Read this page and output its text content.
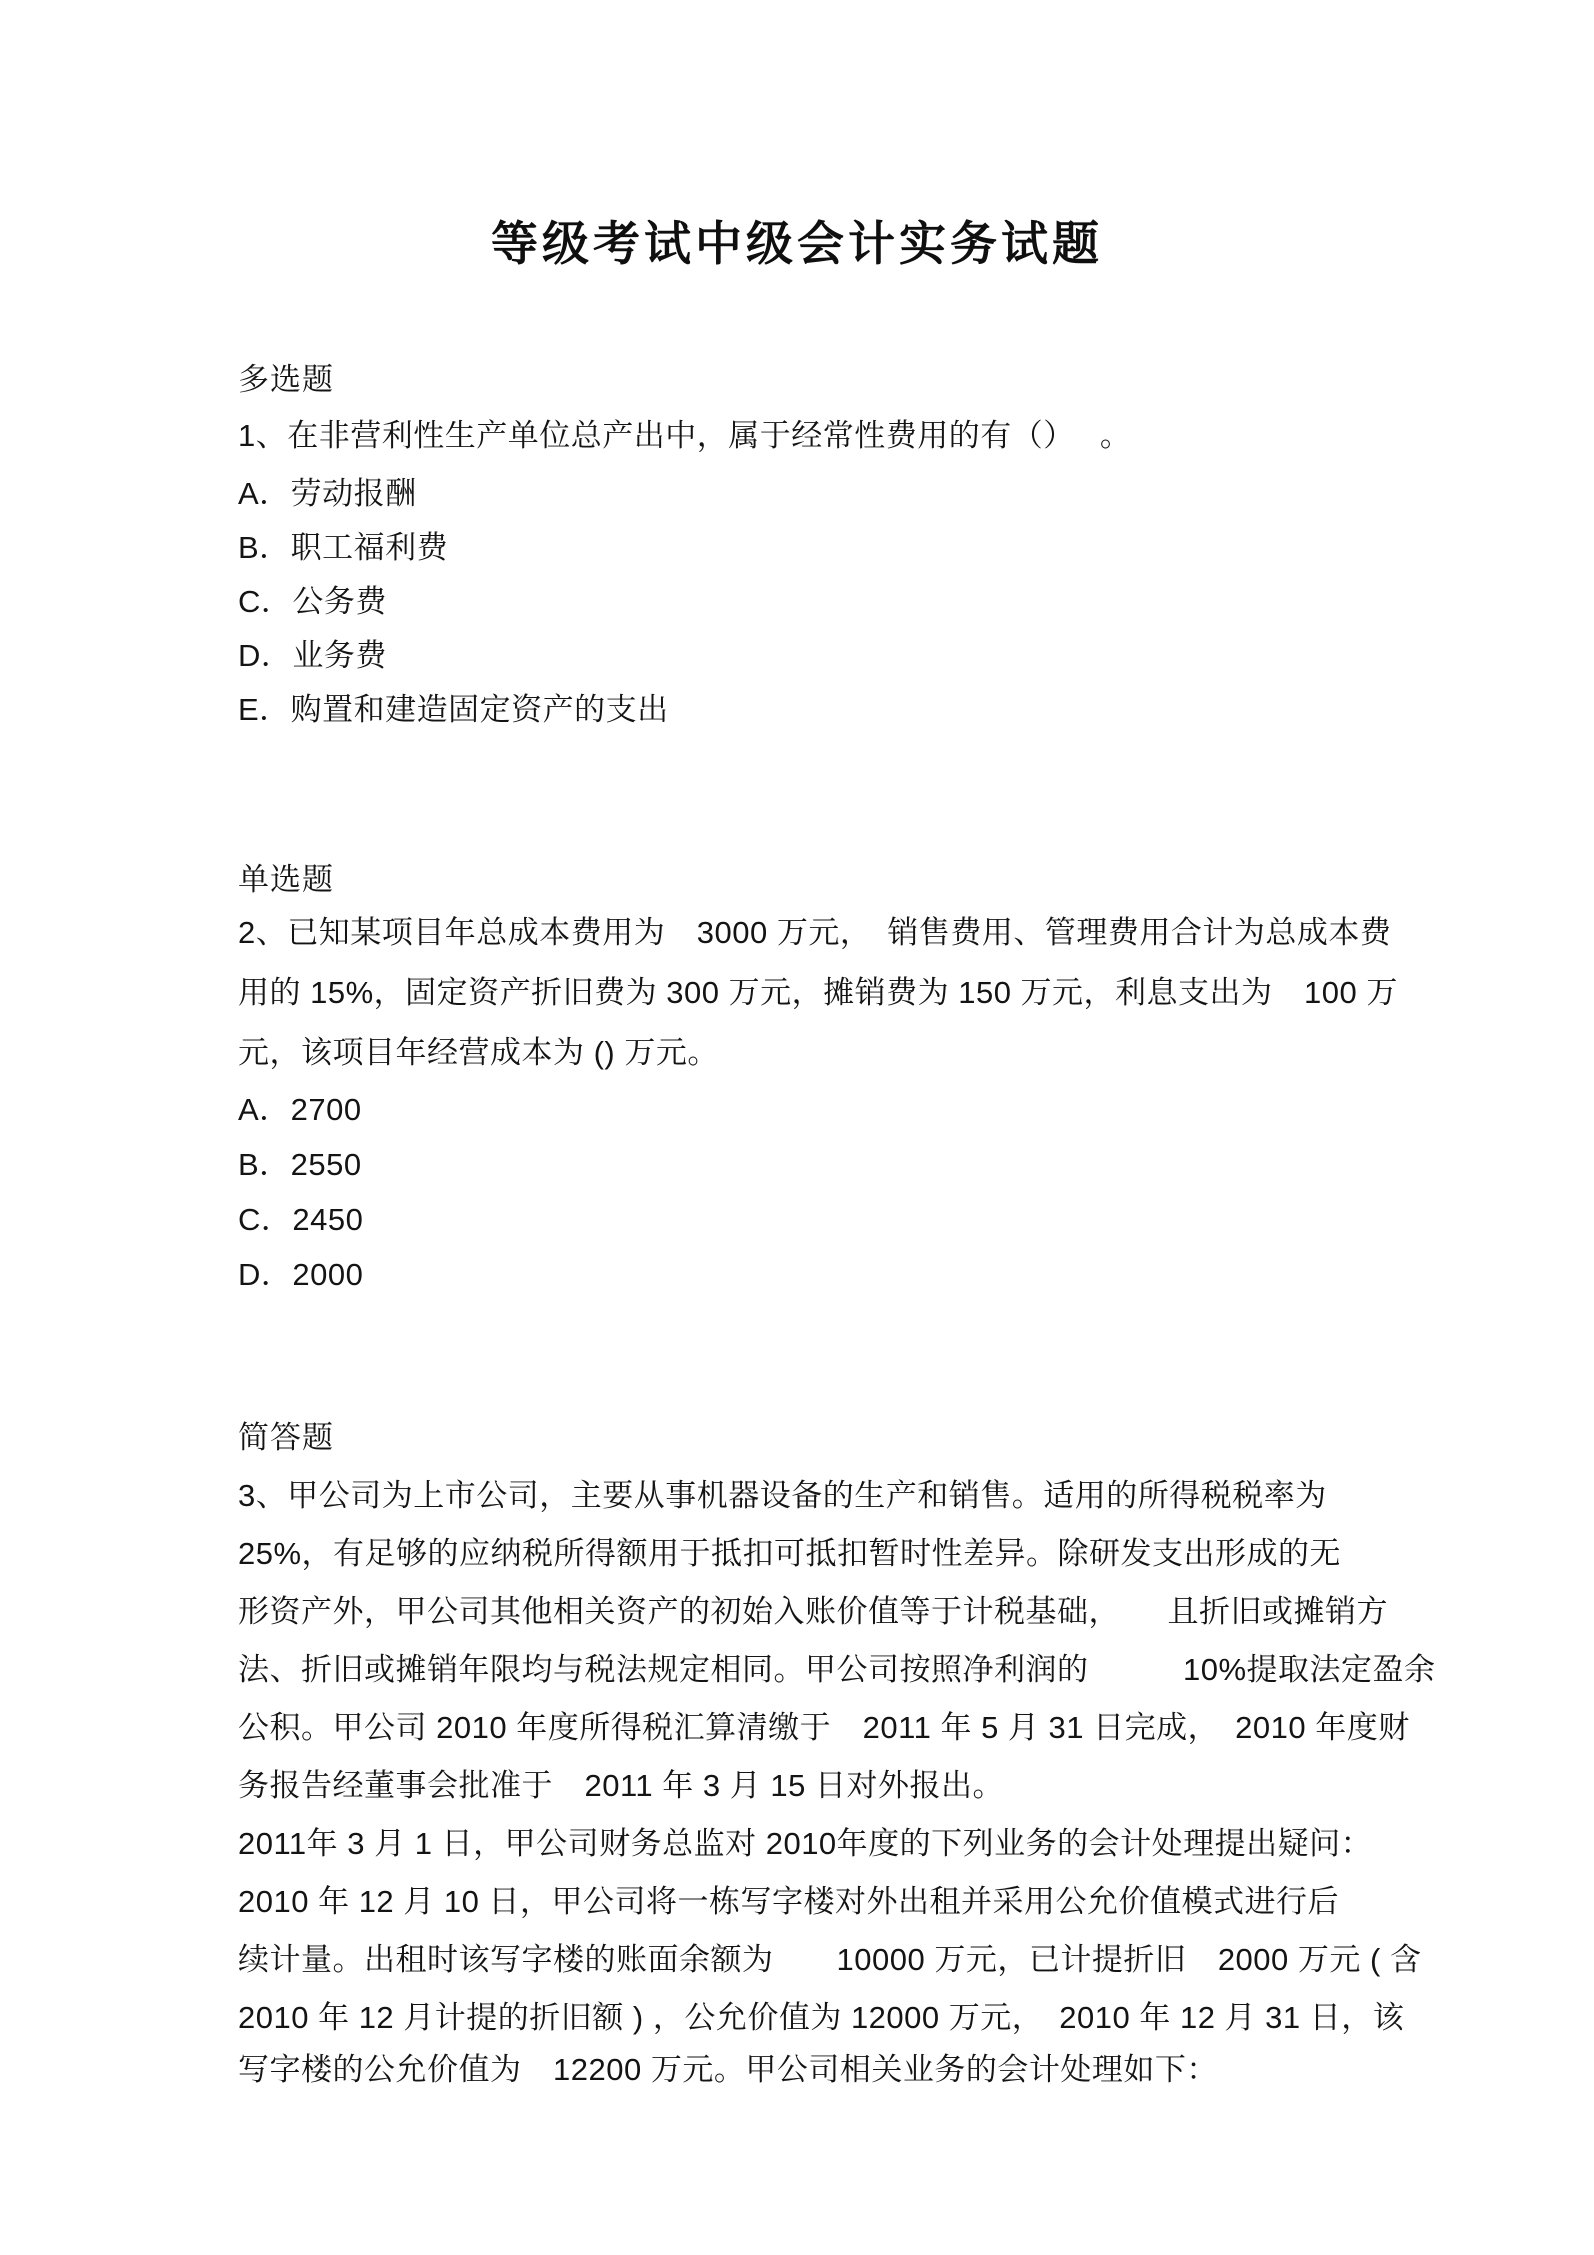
等级考试中级会计实务试题
多选题
1、在非营利性生产单位总产出中，属于经常性费用的有（）　 。
A．劳动报酬
B．职工福利费
C．公务费
D．业务费
E．购置和建造固定资产的支出
单选题
2、已知某项目年总成本费用为　3000 万元，　销售费用、管理费用合计为总成本费
用的 15%，固定资产折旧费为 300 万元，摊销费为 150 万元，利息支出为　100 万
元，该项目年经营成本为 () 万元。
A．2700
B．2550
C．2450
D．2000
简答题
3、甲公司为上市公司，主要从事机器设备的生产和销售。适用的所得税税率为
25%，有足够的应纳税所得额用于抵扣可抵扣暂时性差异。除研发支出形成的无
形资产外，甲公司其他相关资产的初始入账价值等于计税基础，　　且折旧或摊销方
法、折旧或摊销年限均与税法规定相同。甲公司按照净利润的　　　10%提取法定盈余
公积。甲公司 2010 年度所得税汇算清缴于　2011 年 5 月 31 日完成，　2010 年度财
务报告经董事会批准于　2011 年 3 月 15 日对外报出。
2011年 3 月 1 日，甲公司财务总监对 2010年度的下列业务的会计处理提出疑问：
2010 年 12 月 10 日，甲公司将一栋写字楼对外出租并采用公允价值模式进行后
续计量。出租时该写字楼的账面余额为　　10000 万元，已计提折旧　2000 万元 ( 含
2010 年 12 月计提的折旧额 ) ，公允价值为 12000 万元，　2010 年 12 月 31 日，该
写字楼的公允价值为　12200 万元。甲公司相关业务的会计处理如下：
